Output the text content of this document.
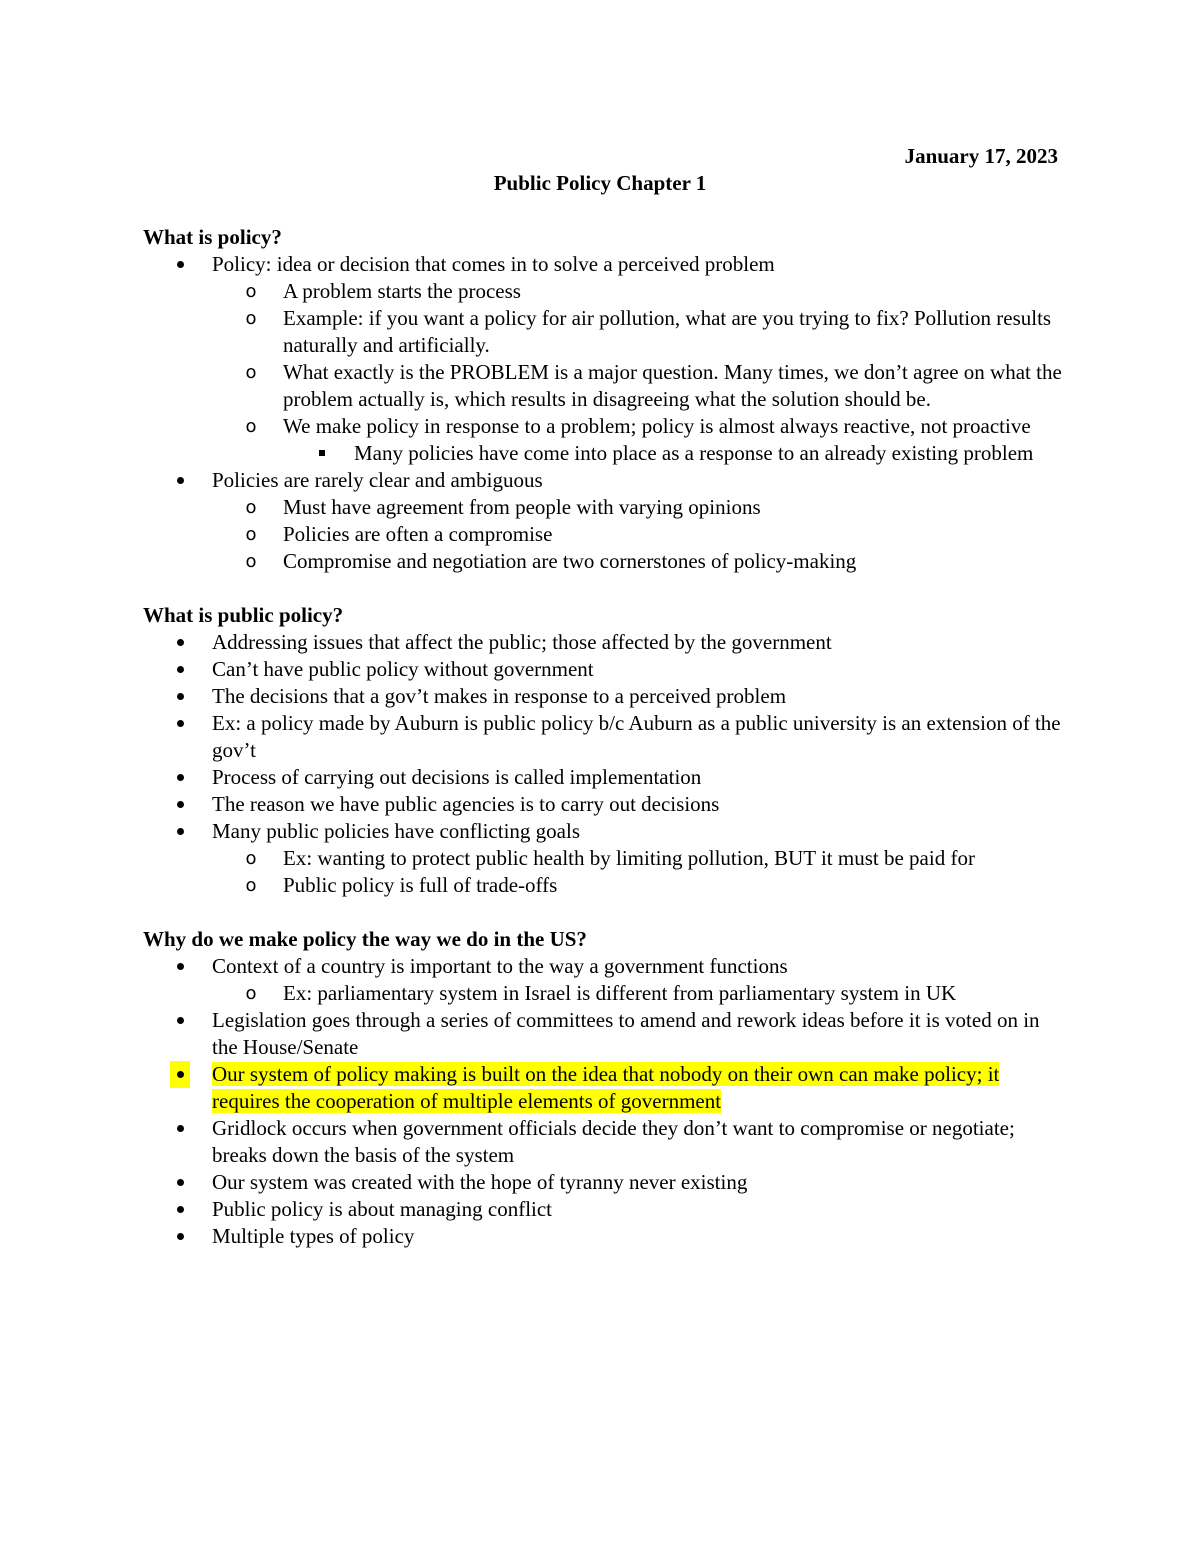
January 17, 2023
Public Policy Chapter 1
What is policy?
Policy: idea or decision that comes in to solve a perceived problem
o A problem starts the process
o Example: if you want a policy for air pollution, what are you trying to fix? Pollution results naturally and artificially.
o What exactly is the PROBLEM is a major question. Many times, we don’t agree on what the problem actually is, which results in disagreeing what the solution should be.
o We make policy in response to a problem; policy is almost always reactive, not proactive
Many policies have come into place as a response to an already existing problem
Policies are rarely clear and ambiguous
o Must have agreement from people with varying opinions
o Policies are often a compromise
o Compromise and negotiation are two cornerstones of policy-making
What is public policy?
Addressing issues that affect the public; those affected by the government
Can’t have public policy without government
The decisions that a gov’t makes in response to a perceived problem
Ex: a policy made by Auburn is public policy b/c Auburn as a public university is an extension of the gov’t
Process of carrying out decisions is called implementation
The reason we have public agencies is to carry out decisions
Many public policies have conflicting goals
o Ex: wanting to protect public health by limiting pollution, BUT it must be paid for
o Public policy is full of trade-offs
Why do we make policy the way we do in the US?
Context of a country is important to the way a government functions
o Ex: parliamentary system in Israel is different from parliamentary system in UK
Legislation goes through a series of committees to amend and rework ideas before it is voted on in the House/Senate
Our system of policy making is built on the idea that nobody on their own can make policy; it requires the cooperation of multiple elements of government
Gridlock occurs when government officials decide they don’t want to compromise or negotiate; breaks down the basis of the system
Our system was created with the hope of tyranny never existing
Public policy is about managing conflict
Multiple types of policy
